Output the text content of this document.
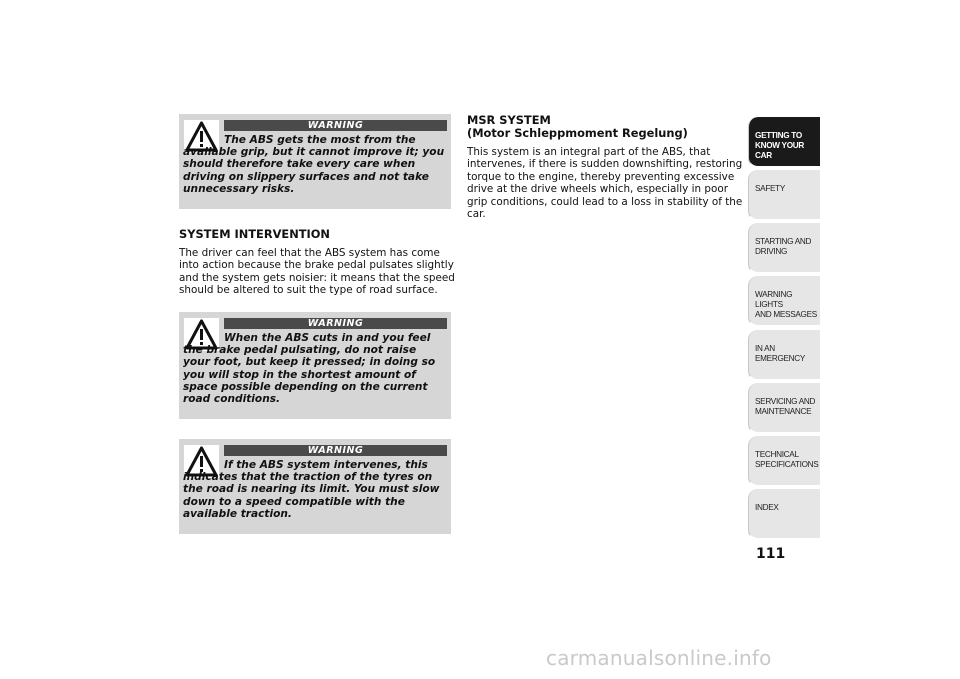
WARNING
The ABS gets the most from the available grip, but it cannot improve it; you should therefore take every care when driving on slippery surfaces and not take unnecessary risks.
SYSTEM INTERVENTION
The driver can feel that the ABS system has come into action because the brake pedal pulsates slightly and the system gets noisier: it means that the speed should be altered to suit the type of road surface.
WARNING
When the ABS cuts in and you feel the brake pedal pulsating, do not raise your foot, but keep it pressed; in doing so you will stop in the shortest amount of space possible depending on the current road conditions.
WARNING
If the ABS system intervenes, this indicates that the traction of the tyres on the road is nearing its limit. You must slow down to a speed compatible with the available traction.
MSR SYSTEM
(Motor Schleppmoment Regelung)
This system is an integral part of the ABS, that intervenes, if there is sudden downshifting, restoring torque to the engine, thereby preventing excessive drive at the drive wheels which, especially in poor grip conditions, could lead to a loss in stability of the car.
GETTING TO
KNOW YOUR CAR
SAFETY
STARTING AND
DRIVING
WARNING LIGHTS
AND MESSAGES
IN AN EMERGENCY
SERVICING AND
MAINTENANCE
TECHNICAL
SPECIFICATIONS
INDEX
111
carmanualsonline.info
